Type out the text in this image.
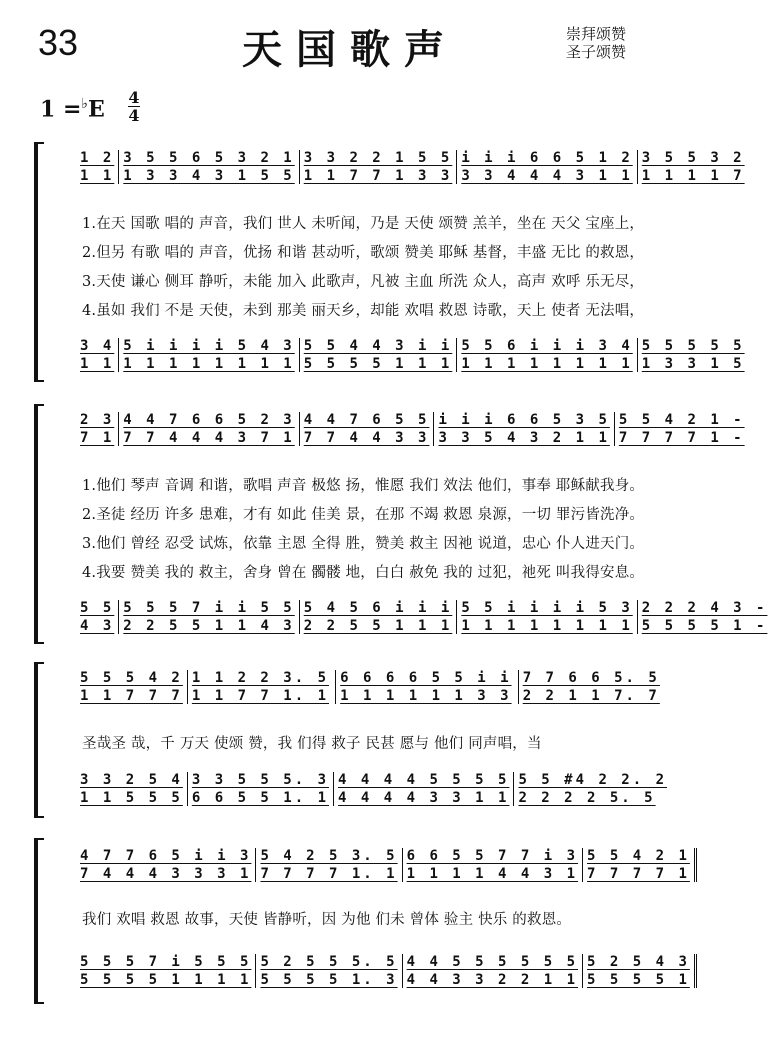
33	天国歌声	崇拜颂赞
圣子颂赞
1 =♭E 4
4
1 2
1 1
3 5 5 6 5 3 2 1
1 3 3 4 3 1 5 5
3 3 2 2 1 5 5
1 1 7 7 1 3 3
i i i 6 6 5 1 2
3 3 4 4 4 3 1 1
3 5 5 3 2
1 1 1 1 7
1.在天 国歌 唱的 声音，我们 世人 未听闻，乃是 天使 颂赞 羔羊，坐在 天父 宝座上，
2.但另 有歌 唱的 声音，优扬 和谐 甚动听，歌颂 赞美 耶稣 基督，丰盛 无比 的救恩，
3.天使 谦心 侧耳 静听，未能 加入 此歌声，凡被 主血 所洗 众人，高声 欢呼 乐无尽，
4.虽如 我们 不是 天使，未到 那美 丽天乡，却能 欢唱 救恩 诗歌，天上 使者 无法唱，
3 4
1 1
5 i i i i 5 4 3
1 1 1 1 1 1 1 1
5 5 4 4 3 i i
5 5 5 5 1 1 1
5 5 6 i i i 3 4
1 1 1 1 1 1 1 1
5 5 5 5 5
1 3 3 1 5
2 3
7 1
4 4 7 6 6 5 2 3
7 7 4 4 4 3 7 1
4 4 7 6 5 5
7 7 4 4 3 3
i i i 6 6 5 3 5
3 3 5 4 3 2 1 1
5 5 4 2 1 -
7 7 7 7 1 -
1.他们 琴声 音调 和谐，歌唱 声音 极悠 扬，惟愿 我们 效法 他们，事奉 耶稣献我身。
2.圣徒 经历 许多 患难，才有 如此 佳美 景，在那 不竭 救恩 泉源，一切 罪污皆洗净。
3.他们 曾经 忍受 试炼，依靠 主恩 全得 胜，赞美 救主 因祂 说道，忠心 仆人进天门。
4.我要 赞美 我的 救主，舍身 曾在 髑髅 地，白白 赦免 我的 过犯，祂死 叫我得安息。
5 5
4 3
5 5 5 7 i i 5 5
2 2 5 5 1 1 4 3
5 4 5 6 i i i
2 2 5 5 1 1 1
5 5 i i i i 5 3
1 1 1 1 1 1 1 1
2 2 2 4 3 -
5 5 5 5 1 -
5 5 5 4 2
1 1 7 7 7
1 1 2 2 3. 5
1 1 7 7 1. 1
6 6 6 6 5 5 i i
1 1 1 1 1 1 3 3
7 7 6 6 5. 5
2 2 1 1 7. 7
圣哉圣 哉，千 万天 使颂 赞，我 们得 救子 民甚 愿与 他们 同声唱，当
3 3 2 5 4
1 1 5 5 5
3 3 5 5 5. 3
6 6 5 5 1. 1
4 4 4 4 5 5 5 5
4 4 4 4 3 3 1 1
5 5 #4 2 2. 2
2 2 2 2 5. 5
4 7 7 6 5 i i 3
7 4 4 4 3 3 3 1
5 4 2 5 3. 5
7 7 7 7 1. 1
6 6 5 5 7 7 i 3
1 1 1 1 4 4 3 1
5 5 4 2 1
7 7 7 7 1
我们 欢唱 救恩 故事，天使 皆静听，因 为他 们未 曾体 验主 快乐 的救恩。
5 5 5 7 i 5 5 5
5 5 5 5 1 1 1 1
5 2 5 5 5. 5
5 5 5 5 1. 3
4 4 5 5 5 5 5 5
4 4 3 3 2 2 1 1
5 2 5 4 3
5 5 5 5 1
